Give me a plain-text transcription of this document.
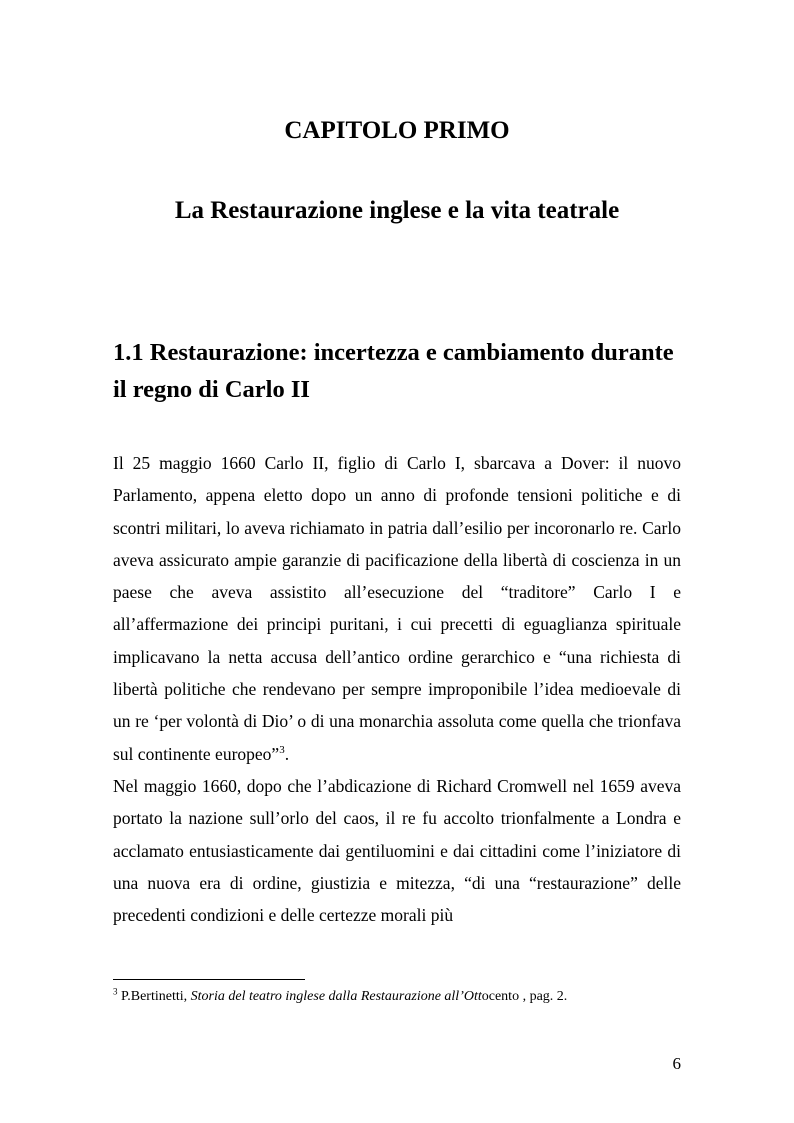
CAPITOLO PRIMO
La Restaurazione inglese e la vita teatrale
1.1 Restaurazione: incertezza e cambiamento durante
il regno di Carlo II

Il 25 maggio 1660 Carlo II, figlio di Carlo I, sbarcava a Dover: il nuovo Parlamento, appena eletto dopo un anno di profonde tensioni politiche e di scontri militari, lo aveva richiamato in patria dall’esilio per incoronarlo re. Carlo aveva assicurato ampie garanzie di pacificazione della libertà di coscienza in un paese che aveva assistito all’esecuzione del “traditore” Carlo I e all’affermazione dei principi puritani, i cui precetti di eguaglianza spirituale implicavano la netta accusa dell’antico ordine gerarchico e “una richiesta di libertà politiche che rendevano per sempre improponibile l’idea medioevale di un re ‘per volontà di Dio’ o di una monarchia assoluta come quella che trionfava sul continente europeo”$^3$.

Nel maggio 1660, dopo che l’abdicazione di Richard Cromwell nel 1659 aveva portato la nazione sull’orlo del caos, il re fu accolto trionfalmente a Londra e acclamato entusiasticamente dai gentiluomini e dai cittadini come l’iniziatore di una nuova era di ordine, giustizia e mitezza, “di una “restaurazione” delle precedenti condizioni e delle certezze morali più

$^3$ P.Bertinetti, Storia del teatro inglese dalla Restaurazione all’Ottocento , pag. 2.
6
